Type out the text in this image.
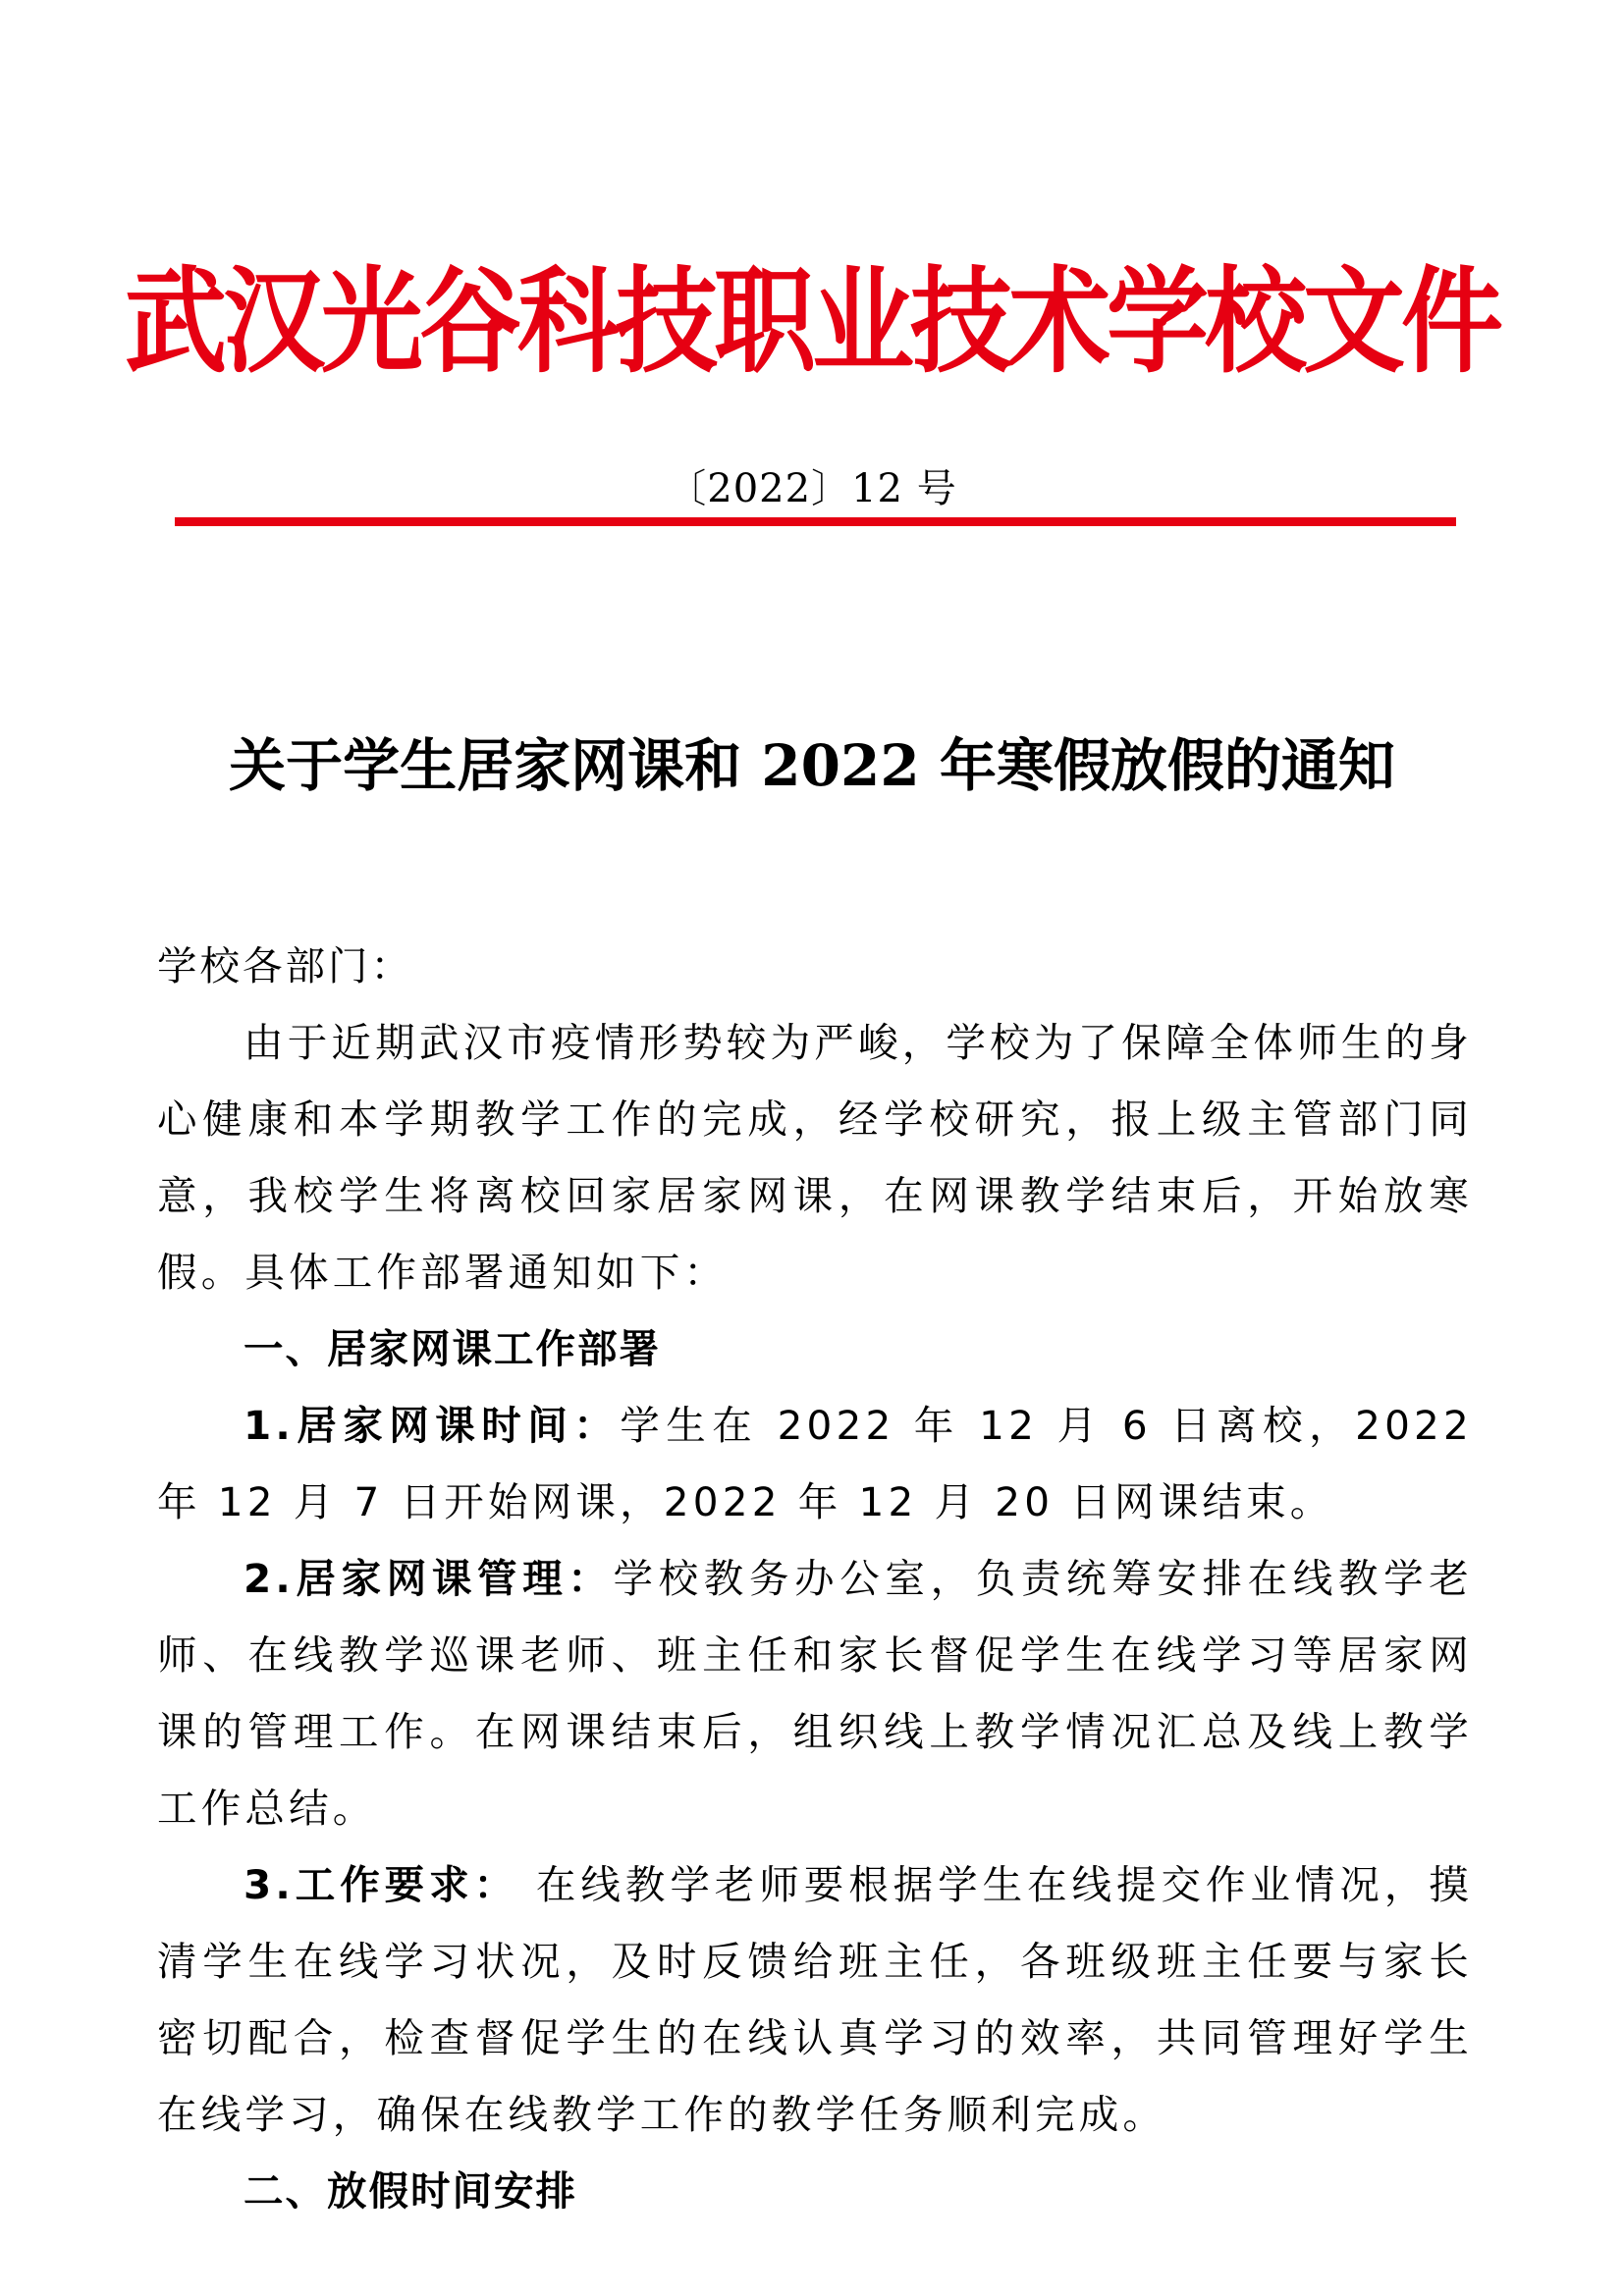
武汉光谷科技职业技术学校文件
〔2022〕12 号
关于学生居家网课和 2022 年寒假放假的通知

学校各部门：

由于近期武汉市疫情形势较为严峻，学校为了保障全体师生的身心健康和本学期教学工作的完成，经学校研究，报上级主管部门同意，我校学生将离校回家居家网课，在网课教学结束后，开始放寒假。具体工作部署通知如下：

一、居家网课工作部署

1.居家网课时间：学生在 2022 年 12 月 6 日离校，2022 年 12 月 7 日开始网课，2022 年 12 月 20 日网课结束。

2.居家网课管理：学校教务办公室，负责统筹安排在线教学老师、在线教学巡课老师、班主任和家长督促学生在线学习等居家网课的管理工作。在网课结束后，组织线上教学情况汇总及线上教学工作总结。

3.工作要求： 在线教学老师要根据学生在线提交作业情况，摸清学生在线学习状况，及时反馈给班主任，各班级班主任要与家长密切配合，检查督促学生的在线认真学习的效率，共同管理好学生在线学习，确保在线教学工作的教学任务顺利完成。

二、放假时间安排
